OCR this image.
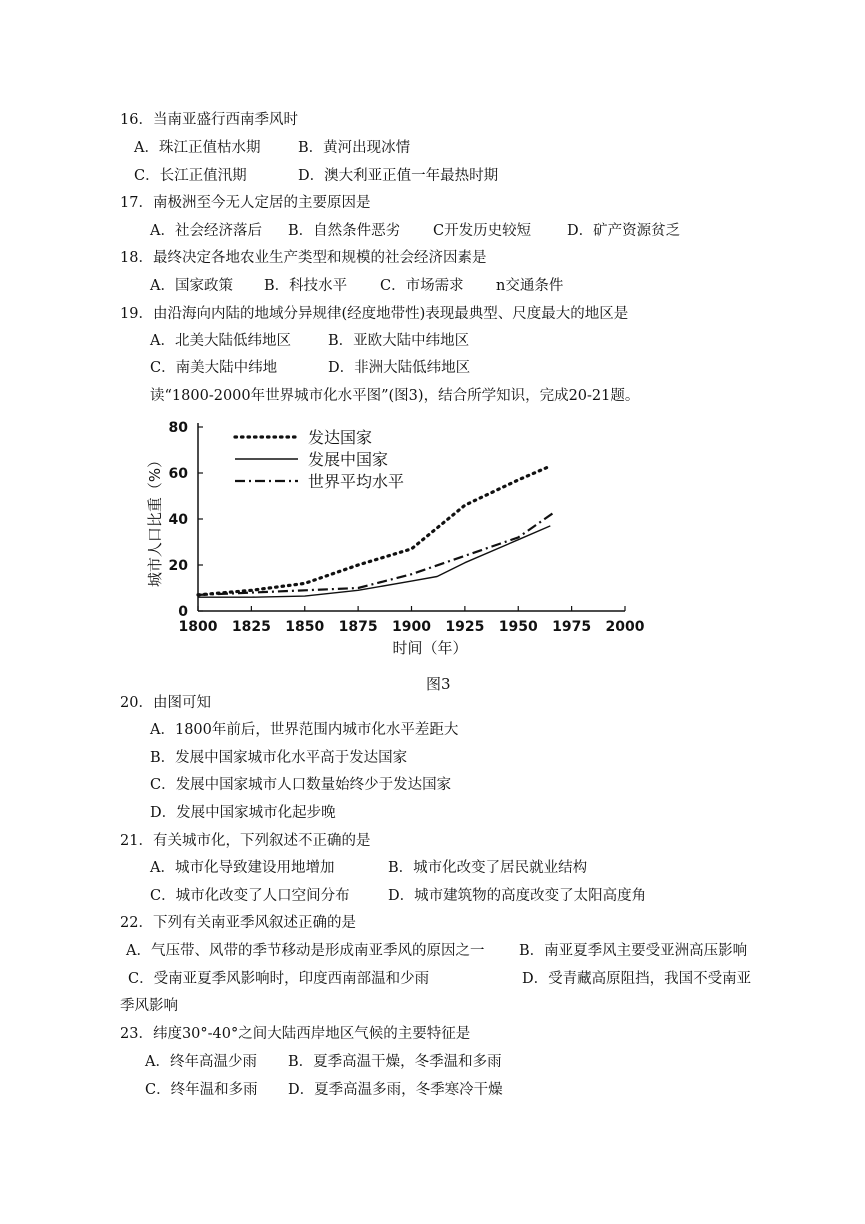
16．当南亚盛行西南季风时
A．珠江正值枯水期	B．黄河出现冰情
C．长江正值汛期	D．澳大利亚正值一年最热时期
17．南极洲至今无人定居的主要原因是
A．社会经济落后 B．自然条件恶劣 C开发历史较短 D．矿产资源贫乏
18．最终决定各地农业生产类型和规模的社会经济因素是
A．国家政策 B．科技水平 C．市场需求 n交通条件
19．由沿海向内陆的地域分异规律(经度地带性)表现最典型、尺度最大的地区是
A．北美大陆低纬地区	B．亚欧大陆中纬地区
C．南美大陆中纬地	D．非洲大陆低纬地区
读“1800-2000年世界城市化水平图”(图3)，结合所学知识，完成20-21题。
0
20
40
60
80
1800 1825 1850 1875 1900 1925 1950 1975 2000
发达国家
发展中国家
世界平均水平
城市人口比重（%）
时间（年）
图3
20．由图可知
A．1800年前后，世界范围内城市化水平差距大
B．发展中国家城市化水平高于发达国家
C．发展中国家城市人口数量始终少于发达国家
D．发展中国家城市化起步晚
21．有关城市化，下列叙述不正确的是
A．城市化导致建设用地增加	B．城市化改变了居民就业结构
C．城市化改变了人口空间分布	D．城市建筑物的高度改变了太阳高度角
22．下列有关南亚季风叙述正确的是
A．气压带、风带的季节移动是形成南亚季风的原因之一 B．南亚夏季风主要受亚洲高压影响
C．受南亚夏季风影响时，印度西南部温和少雨	D．受青藏高原阻挡，我国不受南亚
季风影响
23．纬度30°-40°之间大陆西岸地区气候的主要特征是
A．终年高温少雨 B．夏季高温干燥，冬季温和多雨
C．终年温和多雨 D．夏季高温多雨，冬季寒冷干燥
